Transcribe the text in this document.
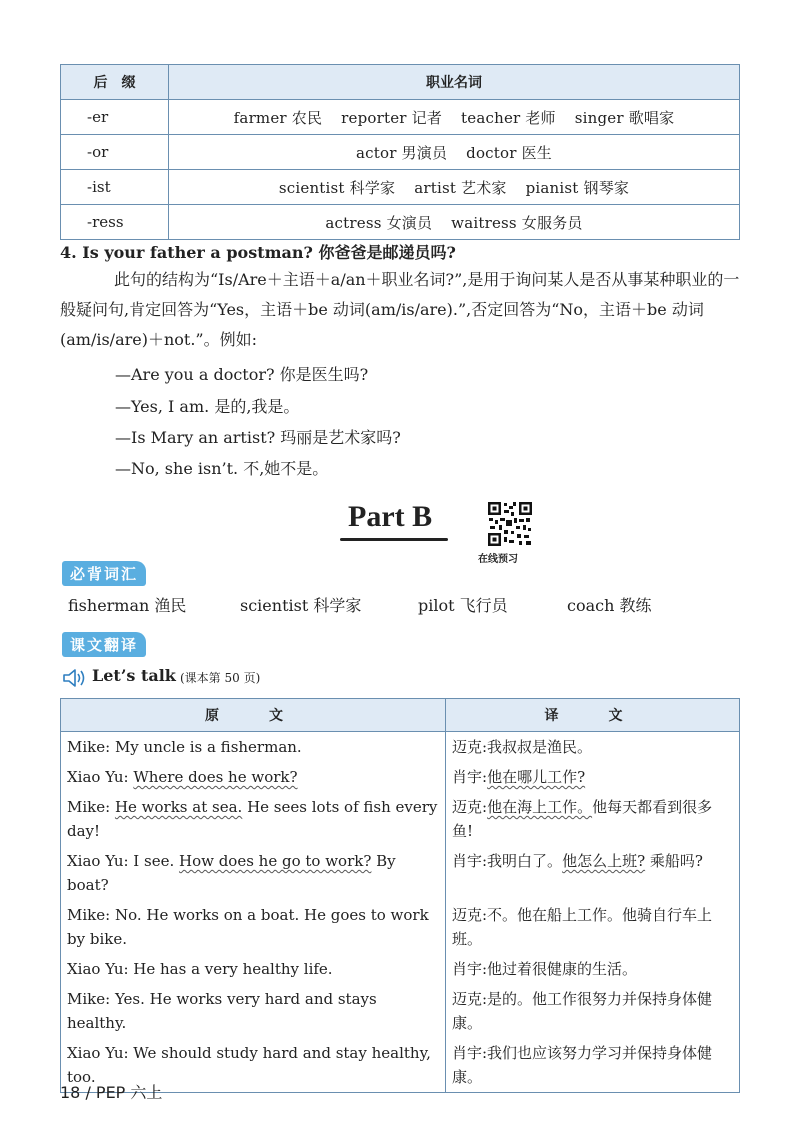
后　缀	职业名词
-er	farmer 农民 reporter 记者 teacher 老师 singer 歌唱家
-or	actor 男演员 doctor 医生
-ist	scientist 科学家 artist 艺术家 pianist 钢琴家
-ress	actress 女演员 waitress 女服务员
4. Is your father a postman? 你爸爸是邮递员吗?
此句的结构为“Is/Are＋主语＋a/an＋职业名词?”,是用于询问某人是否从事某种职业的一般疑问句,肯定回答为“Yes，主语＋be 动词(am/is/are).”,否定回答为“No，主语＋be 动词(am/is/are)＋not.”。例如:
—Are you a doctor? 你是医生吗?
—Yes, I am. 是的,我是。
—Is Mary an artist? 玛丽是艺术家吗?
—No, she isn’t. 不,她不是。
Part B
在线预习
必背词汇
fisherman 渔民	scientist 科学家	pilot 飞行员	coach 教练
课文翻译
Let’s talk (课本第 50 页)
原　文	译　文
Mike: My uncle is a fisherman.	迈克:我叔叔是渔民。
Xiao Yu: Where does he work?	肖宇:他在哪儿工作?
Mike: He works at sea. He sees lots of fish every day!	迈克:他在海上工作。他每天都看到很多鱼!
Xiao Yu: I see. How does he go to work? By boat?	肖宇:我明白了。他怎么上班? 乘船吗?
Mike: No. He works on a boat. He goes to work by bike.	迈克:不。他在船上工作。他骑自行车上班。
Xiao Yu: He has a very healthy life.	肖宇:他过着很健康的生活。
Mike: Yes. He works very hard and stays healthy.	迈克:是的。他工作很努力并保持身体健康。
Xiao Yu: We should study hard and stay healthy, too.	肖宇:我们也应该努力学习并保持身体健康。
18 / PEP 六上
